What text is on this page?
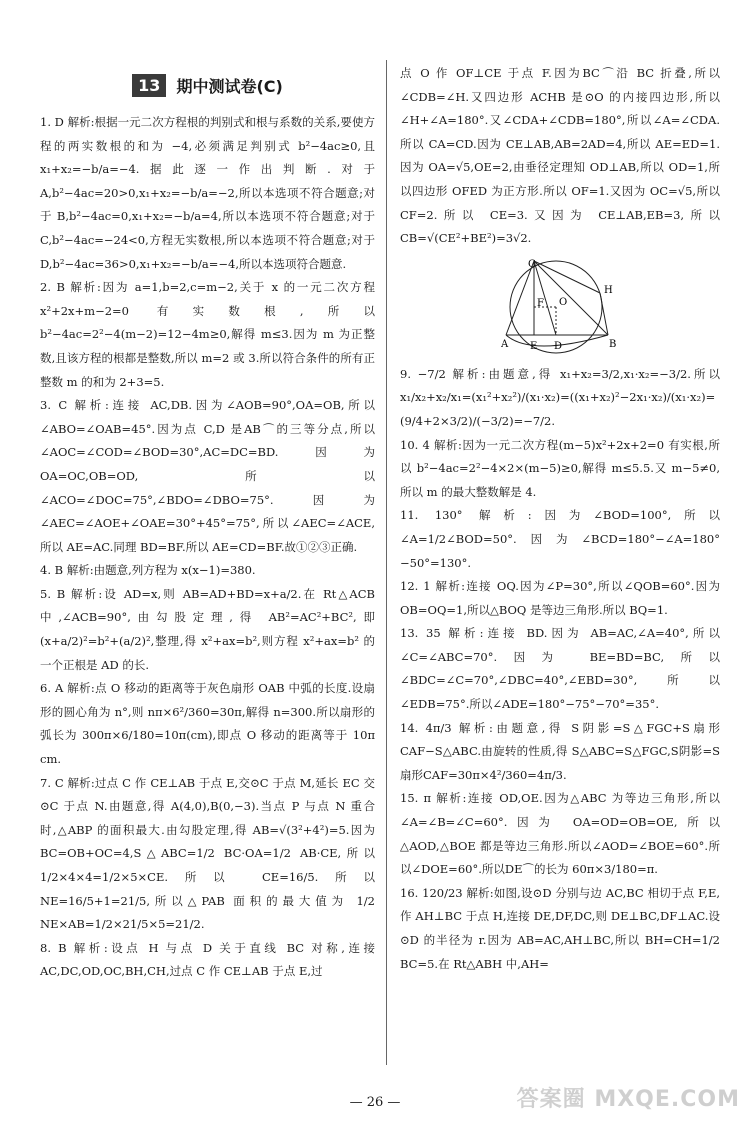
13	期中测试卷(C)

1. D 解析:根据一元二次方程根的判别式和根与系数的关系,要使方程的两实数根的和为 −4,必须满足判别式 b²−4ac≥0,且 x₁+x₂=−b/a=−4.据此逐一作出判断.对于 A,b²−4ac=20>0,x₁+x₂=−b/a=−2,所以本选项不符合题意;对于 B,b²−4ac=0,x₁+x₂=−b/a=4,所以本选项不符合题意;对于 C,b²−4ac=−24<0,方程无实数根,所以本选项不符合题意;对于 D,b²−4ac=36>0,x₁+x₂=−b/a=−4,所以本选项符合题意.

2. B 解析:因为 a=1,b=2,c=m−2,关于 x 的一元二次方程 x²+2x+m−2=0 有实数根,所以 b²−4ac=2²−4(m−2)=12−4m≥0,解得 m≤3.因为 m 为正整数,且该方程的根都是整数,所以 m=2 或 3.所以符合条件的所有正整数 m 的和为 2+3=5.

3. C 解析:连接 AC,DB.因为∠AOB=90°,OA=OB,所以∠ABO=∠OAB=45°.因为点 C,D 是AB⌒的三等分点,所以∠AOC=∠COD=∠BOD=30°,AC=DC=BD.因为 OA=OC,OB=OD,所以∠ACO=∠DOC=75°,∠BDO=∠DBO=75°.因为∠AEC=∠AOE+∠OAE=30°+45°=75°,所以∠AEC=∠ACE,所以 AE=AC.同理 BD=BF.所以 AE=CD=BF.故①②③正确.

4. B 解析:由题意,列方程为 x(x−1)=380.

5. B 解析:设 AD=x,则 AB=AD+BD=x+a/2.在 Rt△ACB 中,∠ACB=90°,由勾股定理,得 AB²=AC²+BC²,即(x+a/2)²=b²+(a/2)²,整理,得 x²+ax=b²,则方程 x²+ax=b² 的一个正根是 AD 的长.

6. A 解析:点 O 移动的距离等于灰色扇形 OAB 中弧的长度.设扇形的圆心角为 n°,则 nπ×6²/360=30π,解得 n=300.所以扇形的弧长为 300π×6/180=10π(cm),即点 O 移动的距离等于 10π cm.

7. C 解析:过点 C 作 CE⊥AB 于点 E,交⊙C 于点 M,延长 EC 交⊙C 于点 N.由题意,得 A(4,0),B(0,−3).当点 P 与点 N 重合时,△ABP 的面积最大.由勾股定理,得 AB=√(3²+4²)=5.因为 BC=OB+OC=4,S△ABC=1/2 BC·OA=1/2 AB·CE,所以 1/2×4×4=1/2×5×CE.所以 CE=16/5.所以 NE=16/5+1=21/5,所以△PAB 面积的最大值为 1/2 NE×AB=1/2×21/5×5=21/2.

8. B 解析:设点 H 与点 D 关于直线 BC 对称,连接 AC,DC,OD,OC,BH,CH,过点 C 作 CE⊥AB 于点 E,过

点 O 作 OF⊥CE 于点 F.因为BC⌒沿 BC 折叠,所以∠CDB=∠H.又四边形 ACHB 是⊙O 的内接四边形,所以∠H+∠A=180°.又∠CDA+∠CDB=180°,所以∠A=∠CDA.所以 CA=CD.因为 CE⊥AB,AB=2AD=4,所以 AE=ED=1.因为 OA=√5,OE=2,由垂径定理知 OD⊥AB,所以 OD=1,所以四边形 OFED 为正方形.所以 OF=1.又因为 OC=√5,所以 CF=2.所以 CE=3.又因为 CE⊥AB,EB=3,所以 CB=√(CE²+BE²)=3√2.

C
H
F O
A E D	B

9. −7/2 解析:由题意,得 x₁+x₂=3/2,x₁·x₂=−3/2.所以 x₁/x₂+x₂/x₁=(x₁²+x₂²)/(x₁·x₂)=((x₁+x₂)²−2x₁·x₂)/(x₁·x₂)=(9/4+2×3/2)/(−3/2)=−7/2.

10. 4 解析:因为一元二次方程(m−5)x²+2x+2=0 有实根,所以 b²−4ac=2²−4×2×(m−5)≥0,解得 m≤5.5.又 m−5≠0,所以 m 的最大整数解是 4.

11. 130° 解析:因为∠BOD=100°,所以∠A=1/2∠BOD=50°.因为∠BCD=180°−∠A=180°−50°=130°.

12. 1 解析:连接 OQ.因为∠P=30°,所以∠QOB=60°.因为 OB=OQ=1,所以△BOQ 是等边三角形.所以 BQ=1.

13. 35 解析:连接 BD.因为 AB=AC,∠A=40°,所以∠C=∠ABC=70°.因为 BE=BD=BC,所以∠BDC=∠C=70°,∠DBC=40°,∠EBD=30°,所以∠EDB=75°.所以∠ADE=180°−75°−70°=35°.

14. 4π/3 解析:由题意,得 S阴影=S△FGC+S扇形CAF−S△ABC.由旋转的性质,得 S△ABC=S△FGC,S阴影=S扇形CAF=30π×4²/360=4π/3.

15. π 解析:连接 OD,OE.因为△ABC 为等边三角形,所以∠A=∠B=∠C=60°.因为 OA=OD=OB=OE,所以△AOD,△BOE 都是等边三角形.所以∠AOD=∠BOE=60°.所以∠DOE=60°.所以DE⌒的长为 60π×3/180=π.

16. 120/23 解析:如图,设⊙D 分别与边 AC,BC 相切于点 F,E,作 AH⊥BC 于点 H,连接 DE,DF,DC,则 DE⊥BC,DF⊥AC.设⊙D 的半径为 r.因为 AB=AC,AH⊥BC,所以 BH=CH=1/2 BC=5.在 Rt△ABH 中,AH=

— 26 —	答案圈 MXQE.COM
